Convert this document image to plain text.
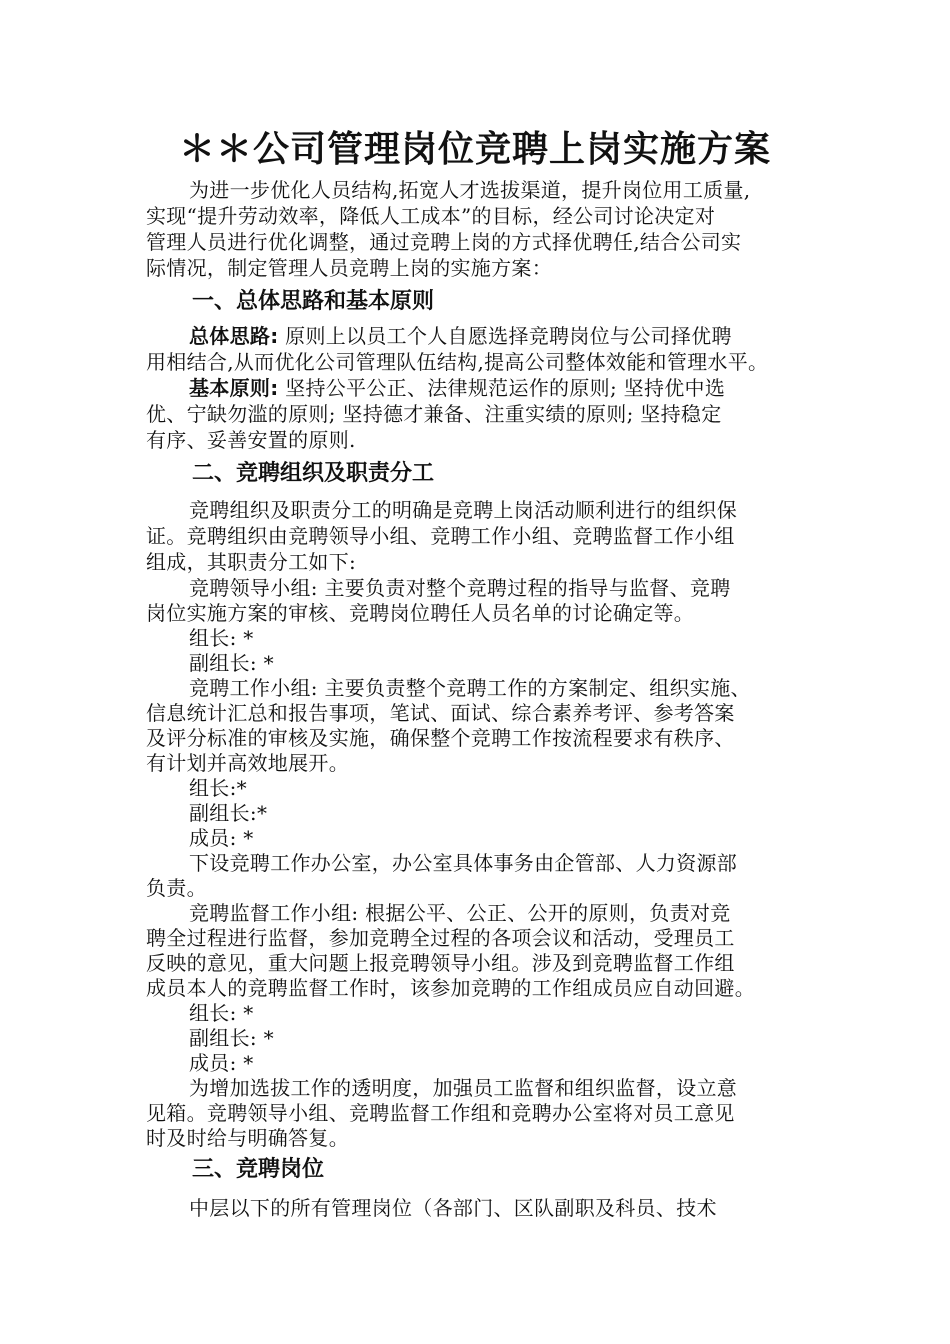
＊＊公司管理岗位竞聘上岗实施方案
为进一步优化人员结构,拓宽人才选拔渠道，提升岗位用工质量,
实现“提升劳动效率，降低人工成本”的目标，经公司讨论决定对
管理人员进行优化调整，通过竞聘上岗的方式择优聘任,结合公司实
际情况，制定管理人员竞聘上岗的实施方案：
一、总体思路和基本原则
总体思路: 原则上以员工个人自愿选择竞聘岗位与公司择优聘
用相结合,从而优化公司管理队伍结构,提高公司整体效能和管理水平。
基本原则: 坚持公平公正、法律规范运作的原则; 坚持优中选
优、宁缺勿滥的原则; 坚持德才兼备、注重实绩的原则; 坚持稳定
有序、妥善安置的原则.
二、竞聘组织及职责分工
竞聘组织及职责分工的明确是竞聘上岗活动顺利进行的组织保
证。竞聘组织由竞聘领导小组、竞聘工作小组、竞聘监督工作小组
组成，其职责分工如下:
竞聘领导小组: 主要负责对整个竞聘过程的指导与监督、竞聘
岗位实施方案的审核、竞聘岗位聘任人员名单的讨论确定等。
组长: *
副组长: *
竞聘工作小组: 主要负责整个竞聘工作的方案制定、组织实施、
信息统计汇总和报告事项，笔试、面试、综合素养考评、参考答案
及评分标准的审核及实施，确保整个竞聘工作按流程要求有秩序、
有计划并高效地展开。
组长:*
副组长:*
成员: *
下设竞聘工作办公室，办公室具体事务由企管部、人力资源部
负责。
竞聘监督工作小组: 根据公平、公正、公开的原则，负责对竞
聘全过程进行监督，参加竞聘全过程的各项会议和活动，受理员工
反映的意见，重大问题上报竞聘领导小组。涉及到竞聘监督工作组
成员本人的竞聘监督工作时，该参加竞聘的工作组成员应自动回避。
组长: *
副组长: *
成员: *
为增加选拔工作的透明度，加强员工监督和组织监督，设立意
见箱。竞聘领导小组、竞聘监督工作组和竞聘办公室将对员工意见
时及时给与明确答复。
三、竞聘岗位
中层以下的所有管理岗位（各部门、区队副职及科员、技术
